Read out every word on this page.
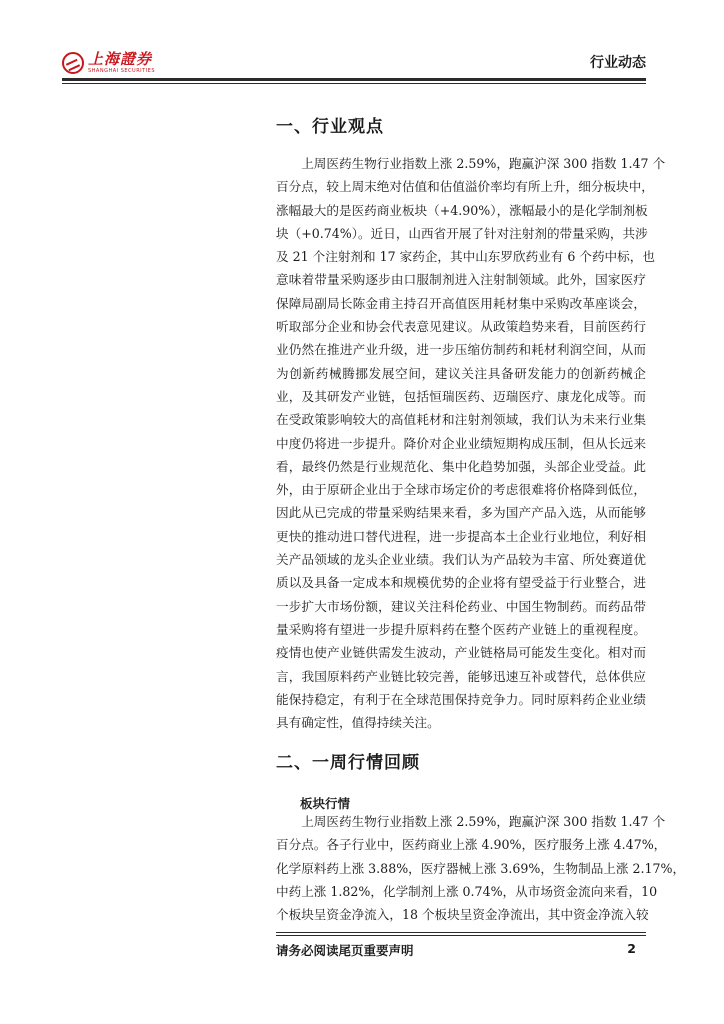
上海證券
SHANGHAI SECURITIES	行业动态
一、行业观点
　　上周医药生物行业指数上涨 2.59%，跑赢沪深 300 指数 1.47 个
百分点，较上周末绝对估值和估值溢价率均有所上升，细分板块中，
涨幅最大的是医药商业板块（+4.90%），涨幅最小的是化学制剂板
块（+0.74%）。近日，山西省开展了针对注射剂的带量采购，共涉
及 21 个注射剂和 17 家药企，其中山东罗欣药业有 6 个药中标，也
意味着带量采购逐步由口服制剂进入注射制领域。此外，国家医疗
保障局副局长陈金甫主持召开高值医用耗材集中采购改革座谈会，
听取部分企业和协会代表意见建议。从政策趋势来看，目前医药行
业仍然在推进产业升级，进一步压缩仿制药和耗材利润空间，从而
为创新药械腾挪发展空间，建议关注具备研发能力的创新药械企
业，及其研发产业链，包括恒瑞医药、迈瑞医疗、康龙化成等。而
在受政策影响较大的高值耗材和注射剂领域，我们认为未来行业集
中度仍将进一步提升。降价对企业业绩短期构成压制，但从长远来
看，最终仍然是行业规范化、集中化趋势加强，头部企业受益。此
外，由于原研企业出于全球市场定价的考虑很难将价格降到低位，
因此从已完成的带量采购结果来看，多为国产产品入选，从而能够
更快的推动进口替代进程，进一步提高本土企业行业地位，利好相
关产品领域的龙头企业业绩。我们认为产品较为丰富、所处赛道优
质以及具备一定成本和规模优势的企业将有望受益于行业整合，进
一步扩大市场份额，建议关注科伦药业、中国生物制药。而药品带
量采购将有望进一步提升原料药在整个医药产业链上的重视程度。
疫情也使产业链供需发生波动，产业链格局可能发生变化。相对而
言，我国原料药产业链比较完善，能够迅速互补或替代，总体供应
能保持稳定，有利于在全球范围保持竞争力。同时原料药企业业绩
具有确定性，值得持续关注。
二、一周行情回顾
板块行情
　　上周医药生物行业指数上涨 2.59%，跑赢沪深 300 指数 1.47 个
百分点。各子行业中，医药商业上涨 4.90%，医疗服务上涨 4.47%，
化学原料药上涨 3.88%，医疗器械上涨 3.69%，生物制品上涨 2.17%，
中药上涨 1.82%，化学制剂上涨 0.74%，从市场资金流向来看，10
个板块呈资金净流入，18 个板块呈资金净流出，其中资金净流入较
请务必阅读尾页重要声明	2
